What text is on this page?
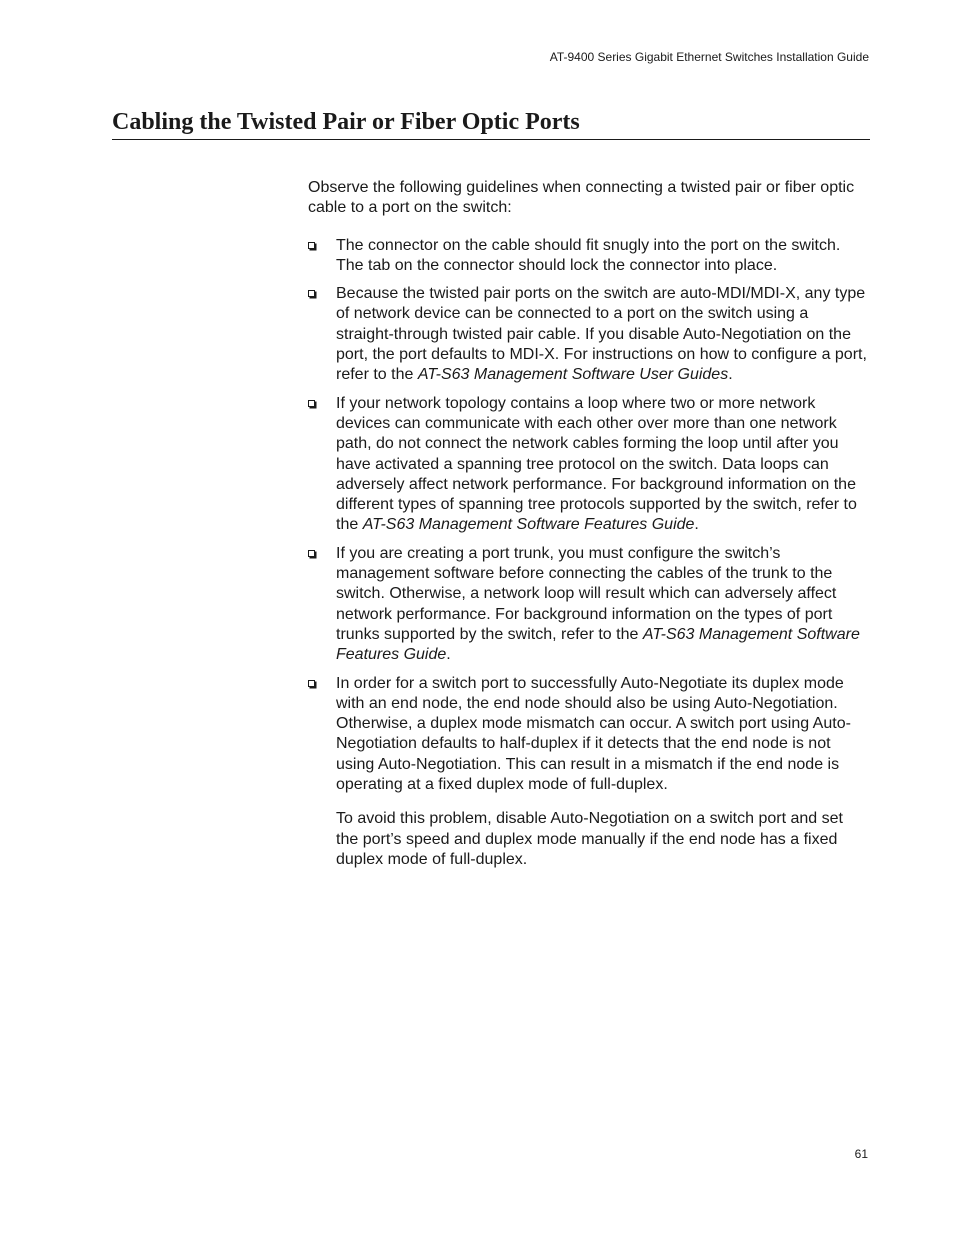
AT-9400 Series Gigabit Ethernet Switches Installation Guide
Cabling the Twisted Pair or Fiber Optic Ports

Observe the following guidelines when connecting a twisted pair or fiber optic cable to a port on the switch:

The connector on the cable should fit snugly into the port on the switch. The tab on the connector should lock the connector into place.
Because the twisted pair ports on the switch are auto-MDI/MDI-X, any type of network device can be connected to a port on the switch using a straight-through twisted pair cable. If you disable Auto-Negotiation on the port, the port defaults to MDI-X. For instructions on how to configure a port, refer to the AT-S63 Management Software User Guides.
If your network topology contains a loop where two or more network devices can communicate with each other over more than one network path, do not connect the network cables forming the loop until after you have activated a spanning tree protocol on the switch. Data loops can adversely affect network performance. For background information on the different types of spanning tree protocols supported by the switch, refer to the AT-S63 Management Software Features Guide.
If you are creating a port trunk, you must configure the switch’s management software before connecting the cables of the trunk to the switch. Otherwise, a network loop will result which can adversely affect network performance. For background information on the types of port trunks supported by the switch, refer to the AT-S63 Management Software Features Guide.
In order for a switch port to successfully Auto-Negotiate its duplex mode with an end node, the end node should also be using Auto-Negotiation. Otherwise, a duplex mode mismatch can occur. A switch port using Auto-Negotiation defaults to half-duplex if it detects that the end node is not using Auto-Negotiation. This can result in a mismatch if the end node is operating at a fixed duplex mode of full-duplex.

To avoid this problem, disable Auto-Negotiation on a switch port and set the port’s speed and duplex mode manually if the end node has a fixed duplex mode of full-duplex.

61
